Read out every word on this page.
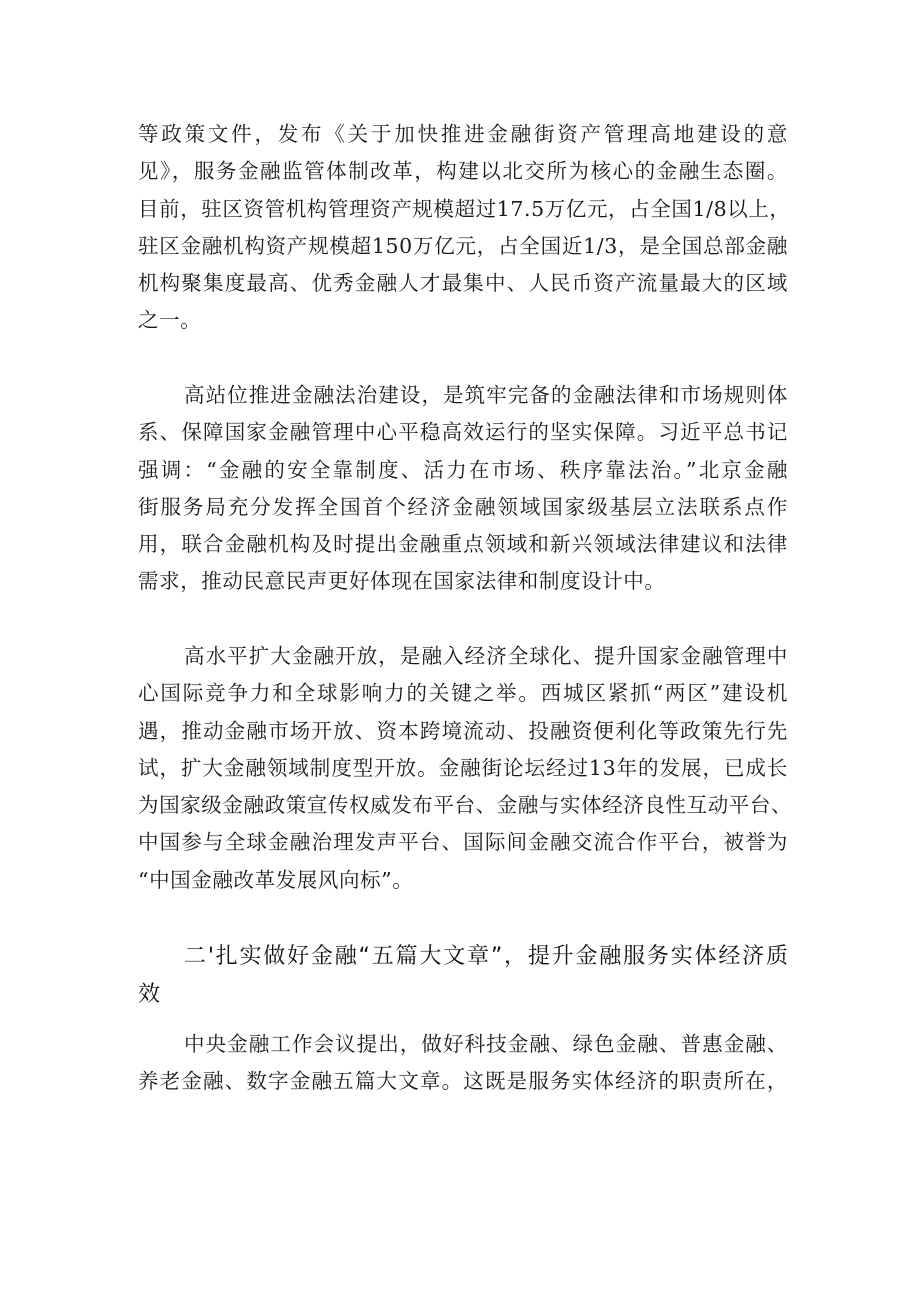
等政策文件，发布《关于加快推进金融街资产管理高地建设的意
见》，服务金融监管体制改革，构建以北交所为核心的金融生态圈。
目前，驻区资管机构管理资产规模超过17.5万亿元，占全国1/8以上，
驻区金融机构资产规模超150万亿元，占全国近1/3，是全国总部金融
机构聚集度最高、优秀金融人才最集中、人民币资产流量最大的区域
之一。
高站位推进金融法治建设，是筑牢完备的金融法律和市场规则体
系、保障国家金融管理中心平稳高效运行的坚实保障。习近平总书记
强调：“金融的安全靠制度、活力在市场、秩序靠法治。”北京金融
街服务局充分发挥全国首个经济金融领域国家级基层立法联系点作
用，联合金融机构及时提出金融重点领域和新兴领域法律建议和法律
需求，推动民意民声更好体现在国家法律和制度设计中。
高水平扩大金融开放，是融入经济全球化、提升国家金融管理中
心国际竞争力和全球影响力的关键之举。西城区紧抓“两区”建设机
遇，推动金融市场开放、资本跨境流动、投融资便利化等政策先行先
试，扩大金融领域制度型开放。金融街论坛经过13年的发展，已成长
为国家级金融政策宣传权威发布平台、金融与实体经济良性互动平台、
中国参与全球金融治理发声平台、国际间金融交流合作平台，被誉为
“中国金融改革发展风向标”。
二'扎实做好金融“五篇大文章”，提升金融服务实体经济质
效
中央金融工作会议提出，做好科技金融、绿色金融、普惠金融、
养老金融、数字金融五篇大文章。这既是服务实体经济的职责所在，
